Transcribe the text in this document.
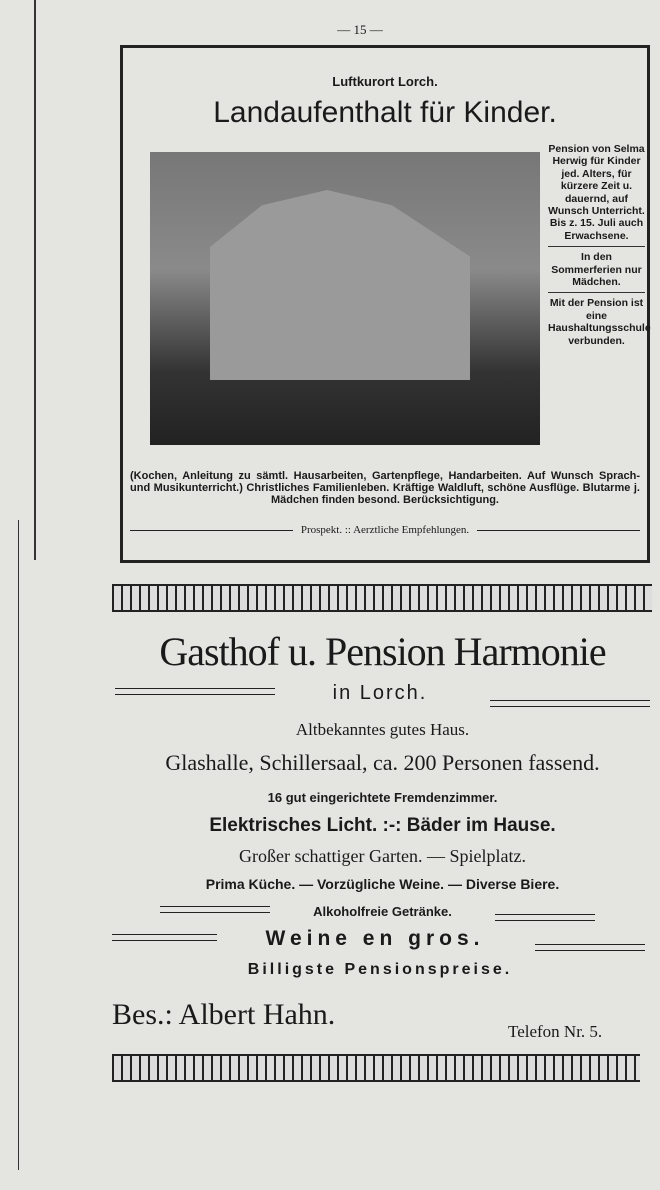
— 15 —
Luftkurort Lorch.
Landaufenthalt für Kinder.
Pension von Selma Herwig für Kinder jed. Alters, für kürzere Zeit u. dauernd, auf Wunsch Unterricht. Bis z. 15. Juli auch Erwachsene.
In den Sommerferien nur Mädchen.
Mit der Pension ist eine Haushaltungsschule verbunden.
(Kochen, Anleitung zu sämtl. Hausarbeiten, Gartenpflege, Handarbeiten. Auf Wunsch Sprach- und Musikunterricht.) Christliches Familienleben. Kräftige Waldluft, schöne Ausflüge. Blutarme j. Mädchen finden besond. Berücksichtigung.
Prospekt. :: Aerztliche Empfehlungen.
Gasthof u. Pension Harmonie
in Lorch.
Altbekanntes gutes Haus.
Glashalle, Schillersaal, ca. 200 Personen fassend.
16 gut eingerichtete Fremdenzimmer.
Elektrisches Licht. :-: Bäder im Hause.
Großer schattiger Garten. — Spielplatz.
Prima Küche. — Vorzügliche Weine. — Diverse Biere.
Alkoholfreie Getränke.
Weine en gros.
Billigste Pensionspreise.
Bes.: Albert Hahn.
Telefon Nr. 5.
